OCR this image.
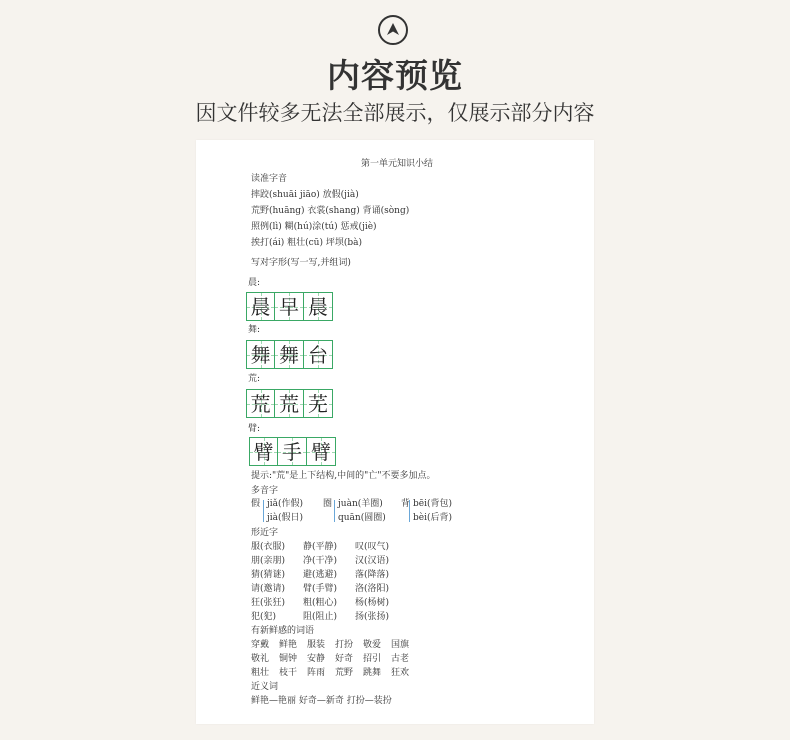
内容预览
因文件较多无法全部展示，仅展示部分内容
第一单元知识小结
读准字音
摔跤(shuāi jiāo) 放假(jià)
荒野(huāng) 衣裳(shang) 背诵(sòng)
照例(lì) 糊(hú)涂(tú) 惩戒(jiè)
挨打(ái) 粗壮(cū) 坪坝(bà)
写对字形(写一写,并组词)
晨:
晨 早 晨
舞:
舞 舞 台
荒:
荒 荒 芜
臂:
臂 手 臂
提示:"荒"是上下结构,中间的"亡"不要多加点。
多音字
假 jiǎ(作假)
jià(假日)
圈 juàn(羊圈)
quān(圆圈)
背 bēi(背包)
bèi(后背)
形近字
服(衣服) 静(平静) 叹(叹气)
朋(亲朋) 净(干净) 汉(汉语)
猜(猜谜) 避(逃避) 落(降落)
请(邀请) 臂(手臂) 洛(洛阳)
狂(张狂) 粗(粗心) 杨(杨树)
犯(犯)	阻(阻止) 扬(张扬)
有新鲜感的词语
穿戴 鲜艳 服装 打扮 敬爱 国旗
敬礼 铜钟 安静 好奇 招引 古老
粗壮 枝干 阵雨 荒野 跳舞 狂欢
近义词
鲜艳—艳丽 好奇—新奇 打扮—装扮
